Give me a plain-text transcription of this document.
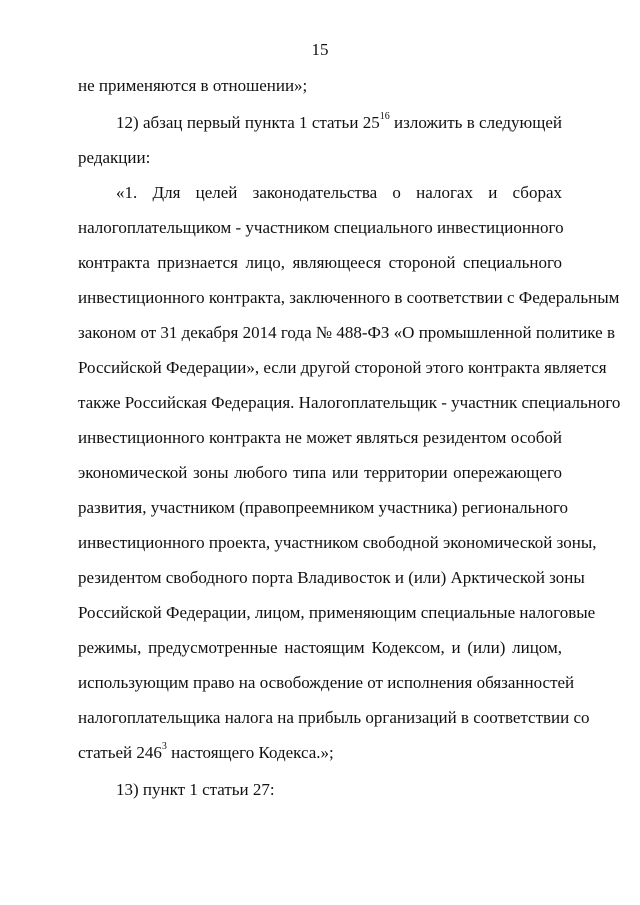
15
не применяются в отношении»;
12) абзац первый пункта 1 статьи $25^{16}$ изложить в следующей
редакции:
«1. Для целей законодательства о налогах и сборах
налогоплательщиком - участником специального инвестиционного
контракта признается лицо, являющееся стороной специального
инвестиционного контракта, заключенного в соответствии с Федеральным
законом от 31 декабря 2014 года № 488-ФЗ «О промышленной политике в
Российской Федерации», если другой стороной этого контракта является
также Российская Федерация. Налогоплательщик - участник специального
инвестиционного контракта не может являться резидентом особой
экономической зоны любого типа или территории опережающего
развития, участником (правопреемником участника) регионального
инвестиционного проекта, участником свободной экономической зоны,
резидентом свободного порта Владивосток и (или) Арктической зоны
Российской Федерации, лицом, применяющим специальные налоговые
режимы, предусмотренные настоящим Кодексом, и (или) лицом,
использующим право на освобождение от исполнения обязанностей
налогоплательщика налога на прибыль организаций в соответствии со
статьей $246^3$ настоящего Кодекса.»;
13) пункт 1 статьи 27:
